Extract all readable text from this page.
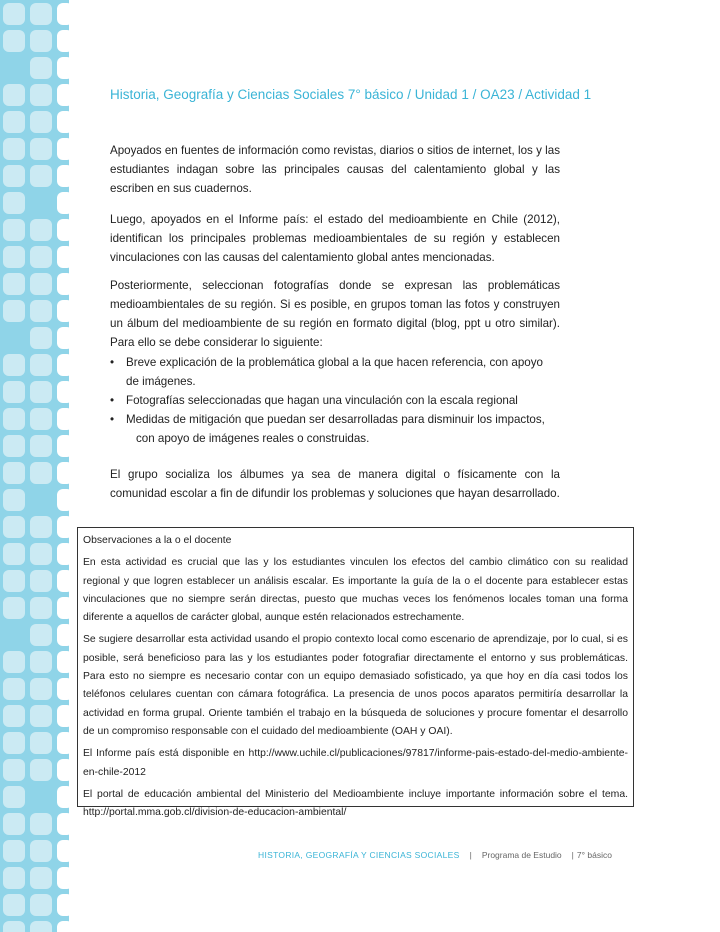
Historia, Geografía y Ciencias Sociales 7° básico / Unidad 1 / OA23 / Actividad 1

Apoyados en fuentes de información como revistas, diarios o sitios de internet, los y las estudiantes indagan sobre las principales causas del calentamiento global y las escriben en sus cuadernos.

Luego, apoyados en el Informe país: el estado del medioambiente en Chile (2012), identifican los principales problemas medioambientales de su región y establecen vinculaciones con las causas del calentamiento global antes mencionadas.

Posteriormente, seleccionan fotografías donde se expresan las problemáticas medioambientales de su región. Si es posible, en grupos toman las fotos y construyen un álbum del medioambiente de su región en formato digital (blog, ppt u otro similar). Para ello se debe considerar lo siguiente:

• Breve explicación de la problemática global a la que hacen referencia, con apoyo
de imágenes.
• Fotografías seleccionadas que hagan una vinculación con la escala regional
• Medidas de mitigación que puedan ser desarrolladas para disminuir los impactos,
con apoyo de imágenes reales o construidas.

El grupo socializa los álbumes ya sea de manera digital o físicamente con la comunidad escolar a fin de difundir los problemas y soluciones que hayan desarrollado.

Observaciones a la o el docente

En esta actividad es crucial que las y los estudiantes vinculen los efectos del cambio climático con su realidad regional y que logren establecer un análisis escalar. Es importante la guía de la o el docente para establecer estas vinculaciones que no siempre serán directas, puesto que muchas veces los fenómenos locales toman una forma diferente a aquellos de carácter global, aunque estén relacionados estrechamente.

Se sugiere desarrollar esta actividad usando el propio contexto local como escenario de aprendizaje, por lo cual, si es posible, será beneficioso para las y los estudiantes poder fotografiar directamente el entorno y sus problemáticas. Para esto no siempre es necesario contar con un equipo demasiado sofisticado, ya que hoy en día casi todos los teléfonos celulares cuentan con cámara fotográfica. La presencia de unos pocos aparatos permitiría desarrollar la actividad en forma grupal. Oriente también el trabajo en la búsqueda de soluciones y procure fomentar el desarrollo de un compromiso responsable con el cuidado del medioambiente (OAH y OAI).

El Informe país está disponible en http://www.uchile.cl/publicaciones/97817/informe-pais-estado-del-medio-ambiente-en-chile-2012

El portal de educación ambiental del Ministerio del Medioambiente incluye importante información sobre el tema. http://portal.mma.gob.cl/division-de-educacion-ambiental/

HISTORIA, GEOGRAFÍA Y CIENCIAS SOCIALES | Programa de Estudio | 7° básico
